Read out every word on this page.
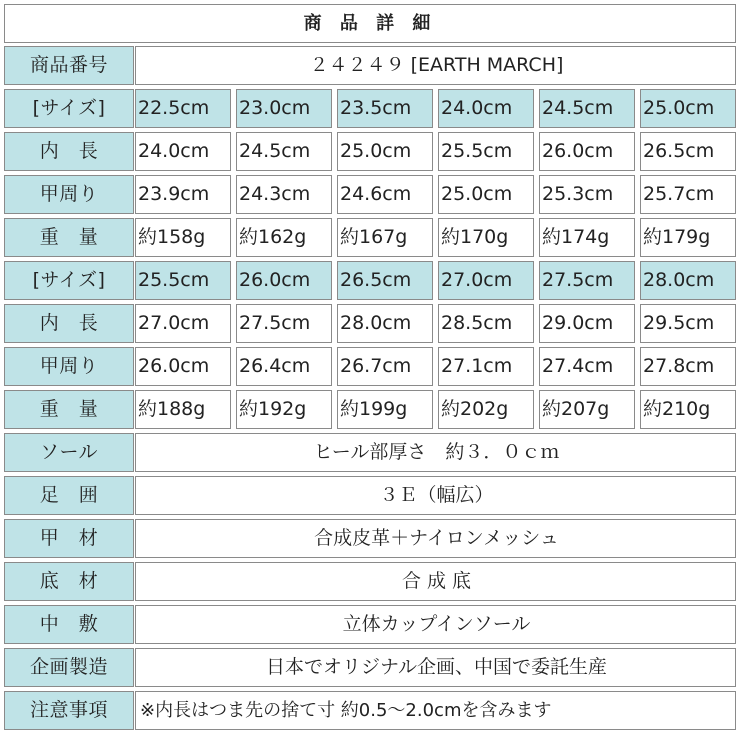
商 品 詳 細
商品番号	２４２４９ [EARTH MARCH]
[サイズ]	22.5cm	23.0cm	23.5cm	24.0cm	24.5cm	25.0cm
内　長	24.0cm	24.5cm	25.0cm	25.5cm	26.0cm	26.5cm
甲周り	23.9cm	24.3cm	24.6cm	25.0cm	25.3cm	25.7cm
重　量	約158g	約162g	約167g	約170g	約174g	約179g
[サイズ]	25.5cm	26.0cm	26.5cm	27.0cm	27.5cm	28.0cm
内　長	27.0cm	27.5cm	28.0cm	28.5cm	29.0cm	29.5cm
甲周り	26.0cm	26.4cm	26.7cm	27.1cm	27.4cm	27.8cm
重　量	約188g	約192g	約199g	約202g	約207g	約210g
ソール	ヒール部厚さ　約３．０ｃｍ
足　囲	３Ｅ（幅広）
甲　材	合成皮革＋ナイロンメッシュ
底　材	合 成 底
中　敷	立体カップインソール
企画製造	日本でオリジナル企画、中国で委託生産
注意事項	※内長はつま先の捨て寸 約0.5～2.0cmを含みます
